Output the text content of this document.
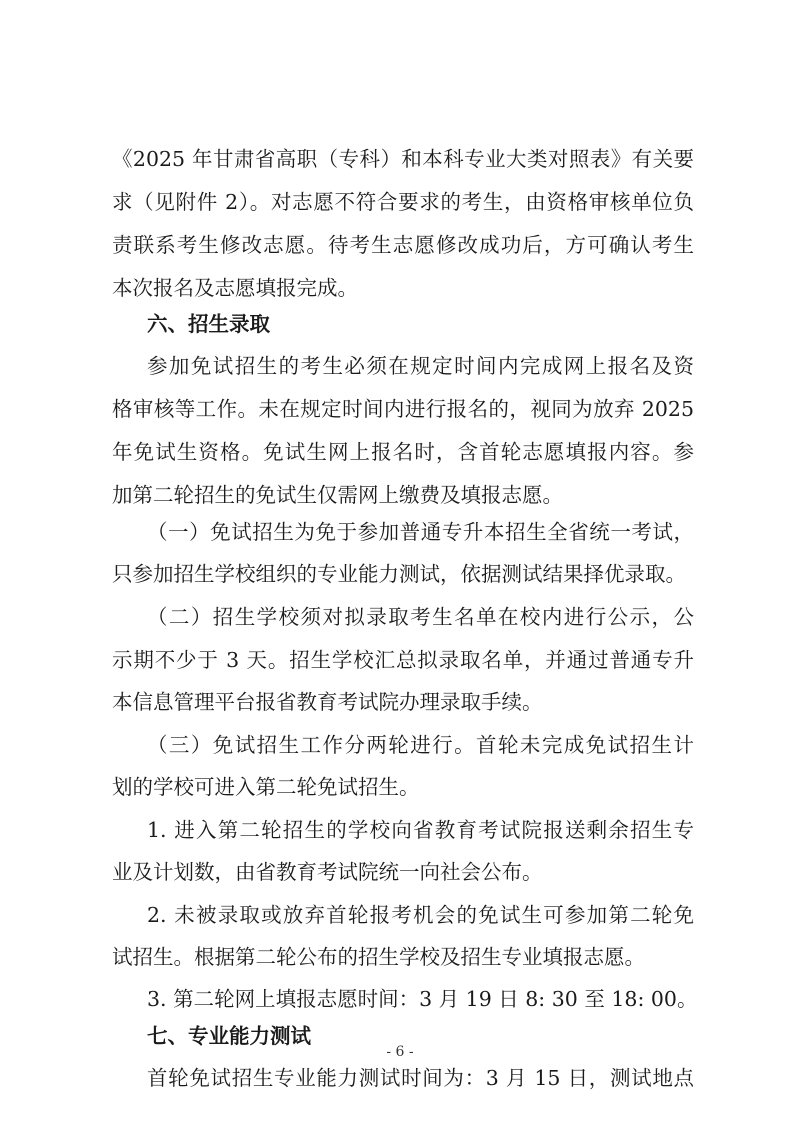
《2025 年甘肃省高职（专科）和本科专业大类对照表》有关要
求（见附件 2）。对志愿不符合要求的考生，由资格审核单位负
责联系考生修改志愿。待考生志愿修改成功后，方可确认考生
本次报名及志愿填报完成。
六、招生录取
参加免试招生的考生必须在规定时间内完成网上报名及资
格审核等工作。未在规定时间内进行报名的，视同为放弃 2025
年免试生资格。免试生网上报名时，含首轮志愿填报内容。参
加第二轮招生的免试生仅需网上缴费及填报志愿。
（一）免试招生为免于参加普通专升本招生全省统一考试，
只参加招生学校组织的专业能力测试，依据测试结果择优录取。
（二）招生学校须对拟录取考生名单在校内进行公示，公
示期不少于 3 天。招生学校汇总拟录取名单，并通过普通专升
本信息管理平台报省教育考试院办理录取手续。
（三）免试招生工作分两轮进行。首轮未完成免试招生计
划的学校可进入第二轮免试招生。
1. 进入第二轮招生的学校向省教育考试院报送剩余招生专
业及计划数，由省教育考试院统一向社会公布。
2. 未被录取或放弃首轮报考机会的免试生可参加第二轮免
试招生。根据第二轮公布的招生学校及招生专业填报志愿。
3. 第二轮网上填报志愿时间：3 月 19 日 8: 30 至 18: 00。
七、专业能力测试
首轮免试招生专业能力测试时间为：3 月 15 日，测试地点
- 6 -
